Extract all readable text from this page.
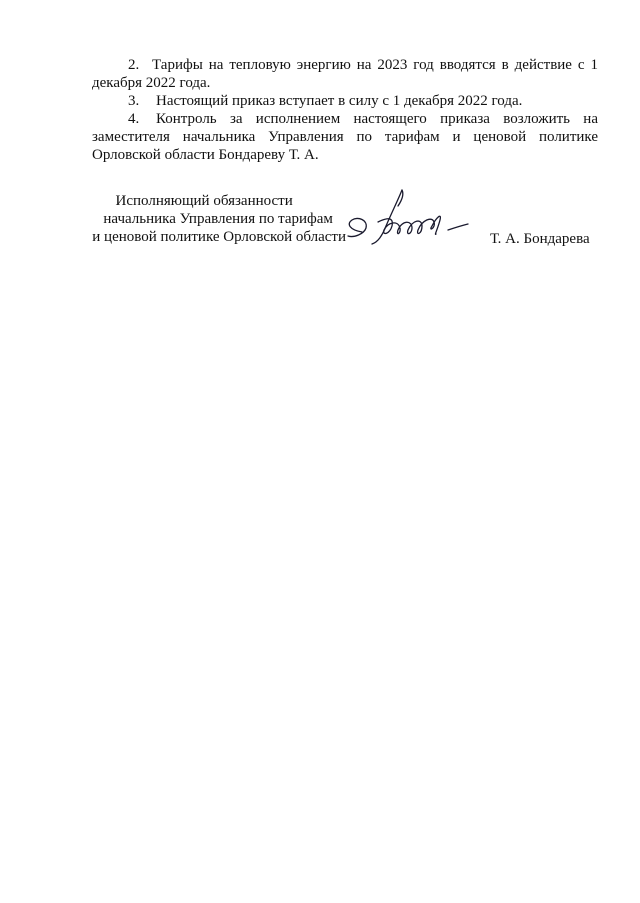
2. Тарифы на тепловую энергию на 2023 год вводятся в действие с 1 декабря 2022 года.

3. Настоящий приказ вступает в силу с 1 декабря 2022 года.

4. Контроль за исполнением настоящего приказа возложить на заместителя начальника Управления по тарифам и ценовой политике Орловской области Бондареву Т. А.

Исполняющий обязанности
начальника Управления по тарифам
и ценовой политике Орловской области	Т. А. Бондарева
